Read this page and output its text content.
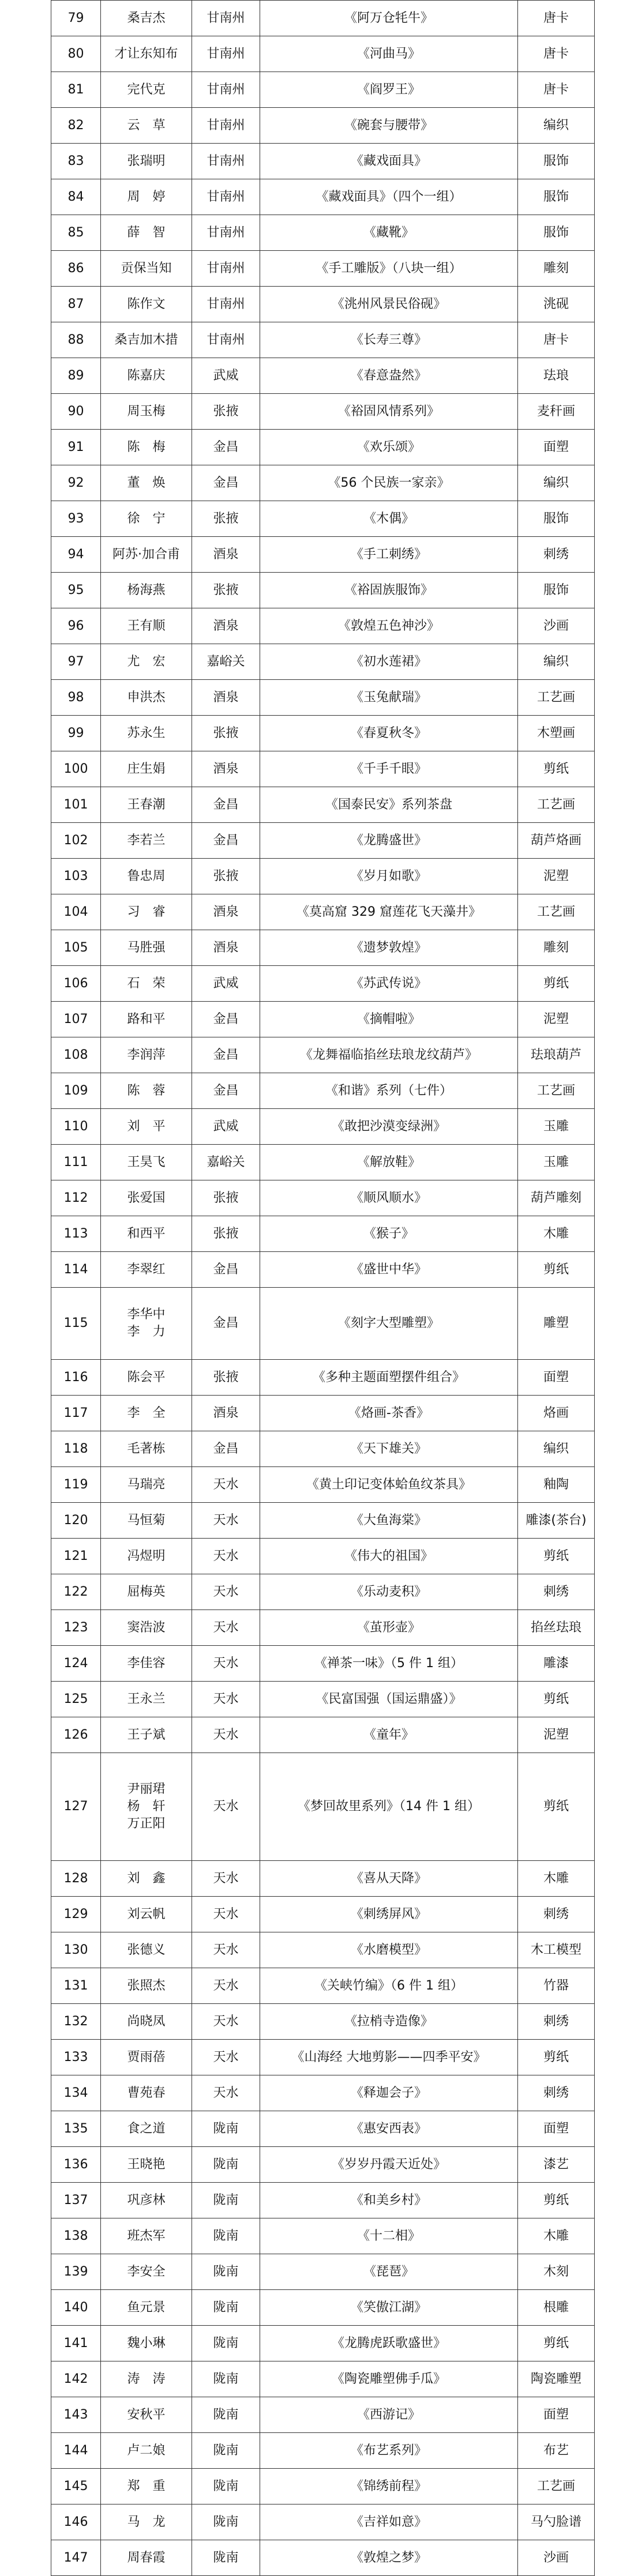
79	桑吉杰	甘南州	《阿万仓牦牛》	唐卡
80	才让东知布	甘南州	《河曲马》	唐卡
81	完代克	甘南州	《阎罗王》	唐卡
82	云　草	甘南州	《碗套与腰带》	编织
83	张瑞明	甘南州	《藏戏面具》	服饰
84	周　婷	甘南州	《藏戏面具》（四个一组）	服饰
85	薛　智	甘南州	《藏靴》	服饰
86	贡保当知	甘南州	《手工雕版》（八块一组）	雕刻
87	陈作文	甘南州	《洮州风景民俗砚》	洮砚
88	桑吉加木措	甘南州	《长寿三尊》	唐卡
89	陈嘉庆	武威	《春意盎然》	珐琅
90	周玉梅	张掖	《裕固风情系列》	麦秆画
91	陈　梅	金昌	《欢乐颂》	面塑
92	董　焕	金昌	《56 个民族一家亲》	编织
93	徐　宁	张掖	《木偶》	服饰
94	阿苏·加合甫	酒泉	《手工刺绣》	刺绣
95	杨海燕	张掖	《裕固族服饰》	服饰
96	王有顺	酒泉	《敦煌五色神沙》	沙画
97	尤　宏	嘉峪关	《初水莲裙》	编织
98	申洪杰	酒泉	《玉兔献瑞》	工艺画
99	苏永生	张掖	《春夏秋冬》	木塑画
100	庄生娟	酒泉	《千手千眼》	剪纸
101	王春潮	金昌	《国泰民安》系列茶盘	工艺画
102	李若兰	金昌	《龙腾盛世》	葫芦烙画
103	鲁忠周	张掖	《岁月如歌》	泥塑
104	习　睿	酒泉	《莫高窟 329 窟莲花飞天藻井》	工艺画
105	马胜强	酒泉	《遗梦敦煌》	雕刻
106	石　荣	武威	《苏武传说》	剪纸
107	路和平	金昌	《摘帽啦》	泥塑
108	李润萍	金昌	《龙舞福临掐丝珐琅龙纹葫芦》	珐琅葫芦
109	陈　蓉	金昌	《和谐》系列（七件）	工艺画
110	刘　平	武威	《敢把沙漠变绿洲》	玉雕
111	王昊飞	嘉峪关	《解放鞋》	玉雕
112	张爱国	张掖	《顺风顺水》	葫芦雕刻
113	和西平	张掖	《猴子》	木雕
114	李翠红	金昌	《盛世中华》	剪纸
115	李华中
李　力	金昌	《刻字大型雕塑》	雕塑
116	陈会平	张掖	《多种主题面塑摆件组合》	面塑
117	李　全	酒泉	《烙画-茶香》	烙画
118	毛著栋	金昌	《天下雄关》	编织
119	马瑞亮	天水	《黄土印记变体蛤鱼纹茶具》	釉陶
120	马恒菊	天水	《大鱼海棠》	雕漆(茶台)
121	冯煜明	天水	《伟大的祖国》	剪纸
122	屈梅英	天水	《乐动麦积》	刺绣
123	窦浩波	天水	《茧形壶》	掐丝珐琅
124	李佳容	天水	《禅茶一味》（5 件 1 组）	雕漆
125	王永兰	天水	《民富国强（国运鼎盛）》	剪纸
126	王子斌	天水	《童年》	泥塑
127	尹丽珺
杨　轩
万正阳	天水	《梦回故里系列》（14 件 1 组）	剪纸
128	刘　鑫	天水	《喜从天降》	木雕
129	刘云帆	天水	《刺绣屏风》	刺绣
130	张德义	天水	《水磨模型》	木工模型
131	张照杰	天水	《关峡竹编》（6 件 1 组）	竹器
132	尚晓凤	天水	《拉梢寺造像》	刺绣
133	贾雨蓓	天水	《山海经 大地剪影——四季平安》	剪纸
134	曹苑春	天水	《释迦会子》	刺绣
135	食之道	陇南	《惠安西表》	面塑
136	王晓艳	陇南	《岁岁丹霞天近处》	漆艺
137	巩彦林	陇南	《和美乡村》	剪纸
138	班杰军	陇南	《十二相》	木雕
139	李安全	陇南	《琵琶》	木刻
140	鱼元景	陇南	《笑傲江湖》	根雕
141	魏小琳	陇南	《龙腾虎跃歌盛世》	剪纸
142	涛　涛	陇南	《陶瓷雕塑佛手瓜》	陶瓷雕塑
143	安秋平	陇南	《西游记》	面塑
144	卢二娘	陇南	《布艺系列》	布艺
145	郑　重	陇南	《锦绣前程》	工艺画
146	马　龙	陇南	《吉祥如意》	马勺脸谱
147	周春霞	陇南	《敦煌之梦》	沙画
